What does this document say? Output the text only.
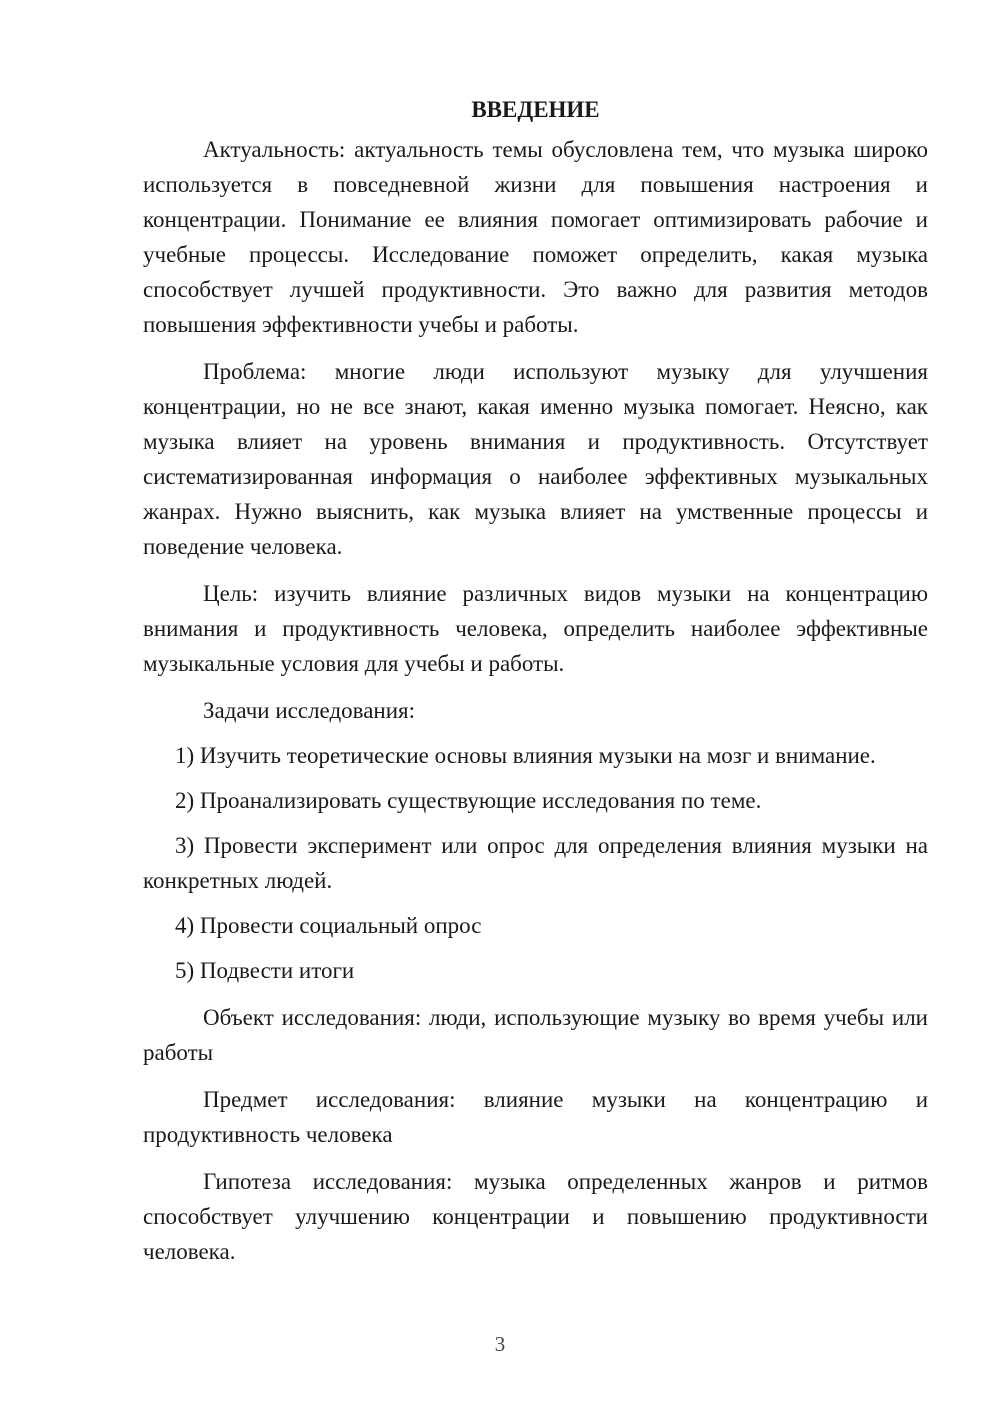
ВВЕДЕНИЕ

Актуальность: актуальность темы обусловлена тем, что музыка широко используется в повседневной жизни для повышения настроения и концентрации. Понимание ее влияния помогает оптимизировать рабочие и учебные процессы. Исследование поможет определить, какая музыка способствует лучшей продуктивности. Это важно для развития методов повышения эффективности учебы и работы.

Проблема: многие люди используют музыку для улучшения концентрации, но не все знают, какая именно музыка помогает. Неясно, как музыка влияет на уровень внимания и продуктивность. Отсутствует систематизированная информация о наиболее эффективных музыкальных жанрах. Нужно выяснить, как музыка влияет на умственные процессы и поведение человека.

Цель: изучить влияние различных видов музыки на концентрацию внимания и продуктивность человека, определить наиболее эффективные музыкальные условия для учебы и работы.

Задачи исследования:

1) Изучить теоретические основы влияния музыки на мозг и внимание.

2) Проанализировать существующие исследования по теме.

3) Провести эксперимент или опрос для определения влияния музыки на конкретных людей.

4) Провести социальный опрос

5) Подвести итоги

Объект исследования: люди, использующие музыку во время учебы или работы

Предмет исследования: влияние музыки на концентрацию и продуктивность человека

Гипотеза исследования: музыка определенных жанров и ритмов способствует улучшению концентрации и повышению продуктивности человека.

3
